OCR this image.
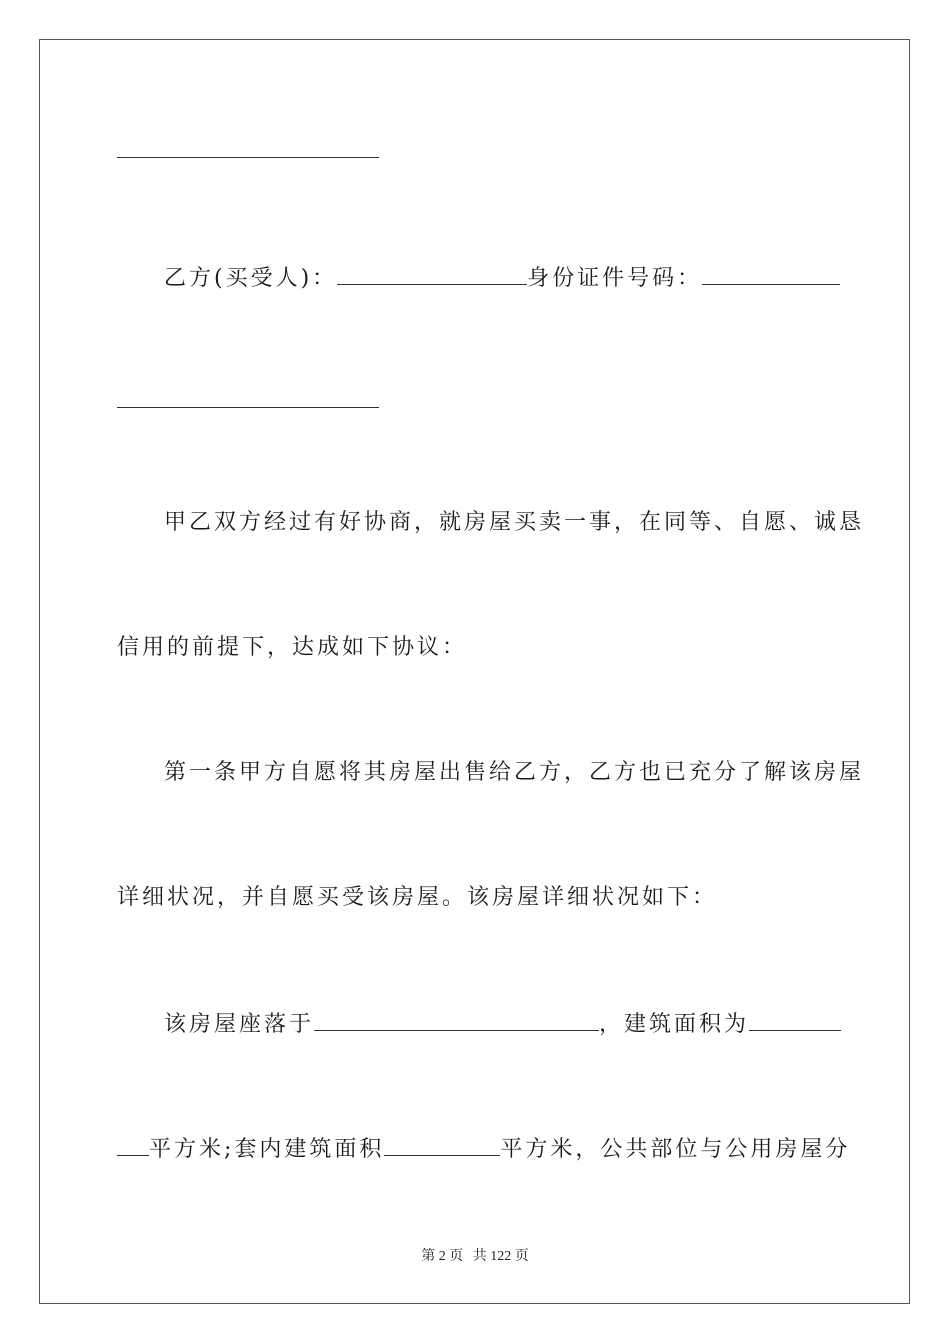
乙方(买受人)：	身份证件号码：
甲乙双方经过有好协商，就房屋买卖一事，在同等、自愿、诚恳
信用的前提下，达成如下协议：
第一条甲方自愿将其房屋出售给乙方，乙方也已充分了解该房屋
详细状况，并自愿买受该房屋。该房屋详细状况如下：
该房屋座落于	，建筑面积为
平方米;套内建筑面积	平方米，公共部位与公用房屋分
第 2 页 共 122 页
